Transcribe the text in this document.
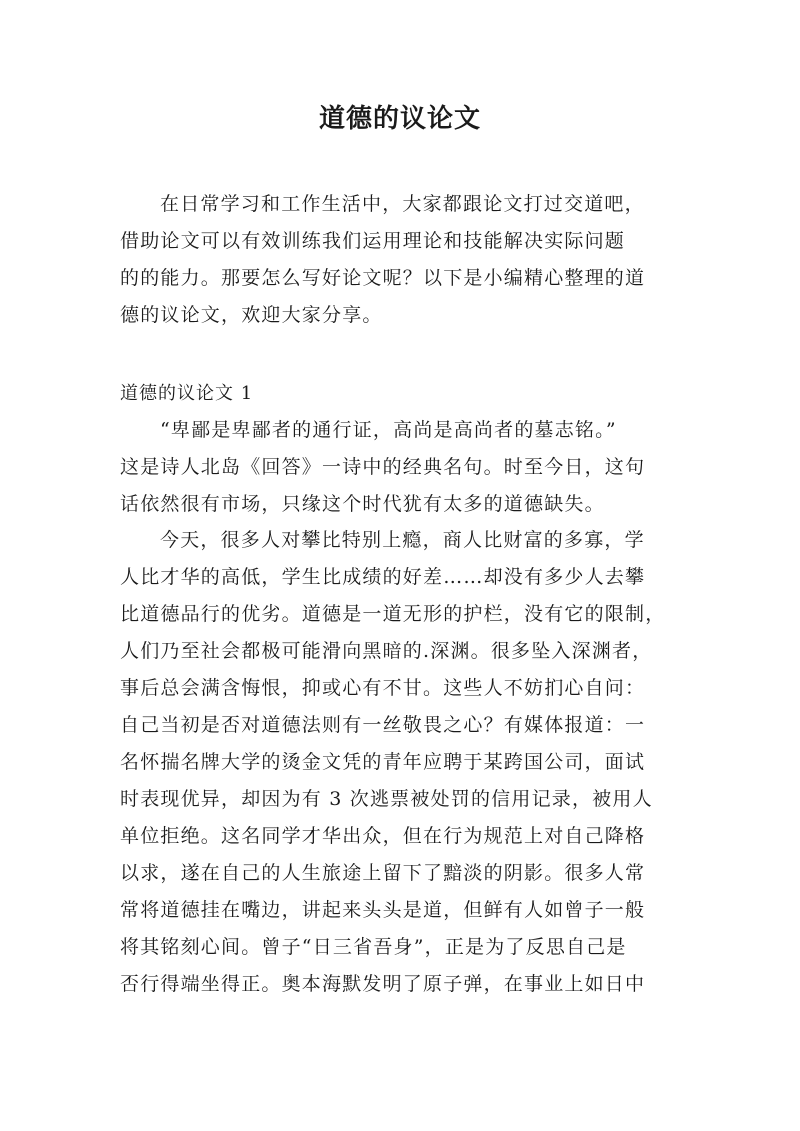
道德的议论文
在日常学习和工作生活中，大家都跟论文打过交道吧，
借助论文可以有效训练我们运用理论和技能解决实际问题
的的能力。那要怎么写好论文呢？以下是小编精心整理的道
德的议论文，欢迎大家分享。
道德的议论文 1
“卑鄙是卑鄙者的通行证，高尚是高尚者的墓志铭。”
这是诗人北岛《回答》一诗中的经典名句。时至今日，这句
话依然很有市场，只缘这个时代犹有太多的道德缺失。
今天，很多人对攀比特别上瘾，商人比财富的多寡，学
人比才华的高低，学生比成绩的好差……却没有多少人去攀
比道德品行的优劣。道德是一道无形的护栏，没有它的限制，
人们乃至社会都极可能滑向黑暗的.深渊。很多坠入深渊者，
事后总会满含悔恨，抑或心有不甘。这些人不妨扪心自问：
自己当初是否对道德法则有一丝敬畏之心？有媒体报道：一
名怀揣名牌大学的烫金文凭的青年应聘于某跨国公司，面试
时表现优异，却因为有 3 次逃票被处罚的信用记录，被用人
单位拒绝。这名同学才华出众，但在行为规范上对自己降格
以求，遂在自己的人生旅途上留下了黯淡的阴影。很多人常
常将道德挂在嘴边，讲起来头头是道，但鲜有人如曾子一般
将其铭刻心间。曾子“日三省吾身”，正是为了反思自己是
否行得端坐得正。奥本海默发明了原子弹，在事业上如日中
